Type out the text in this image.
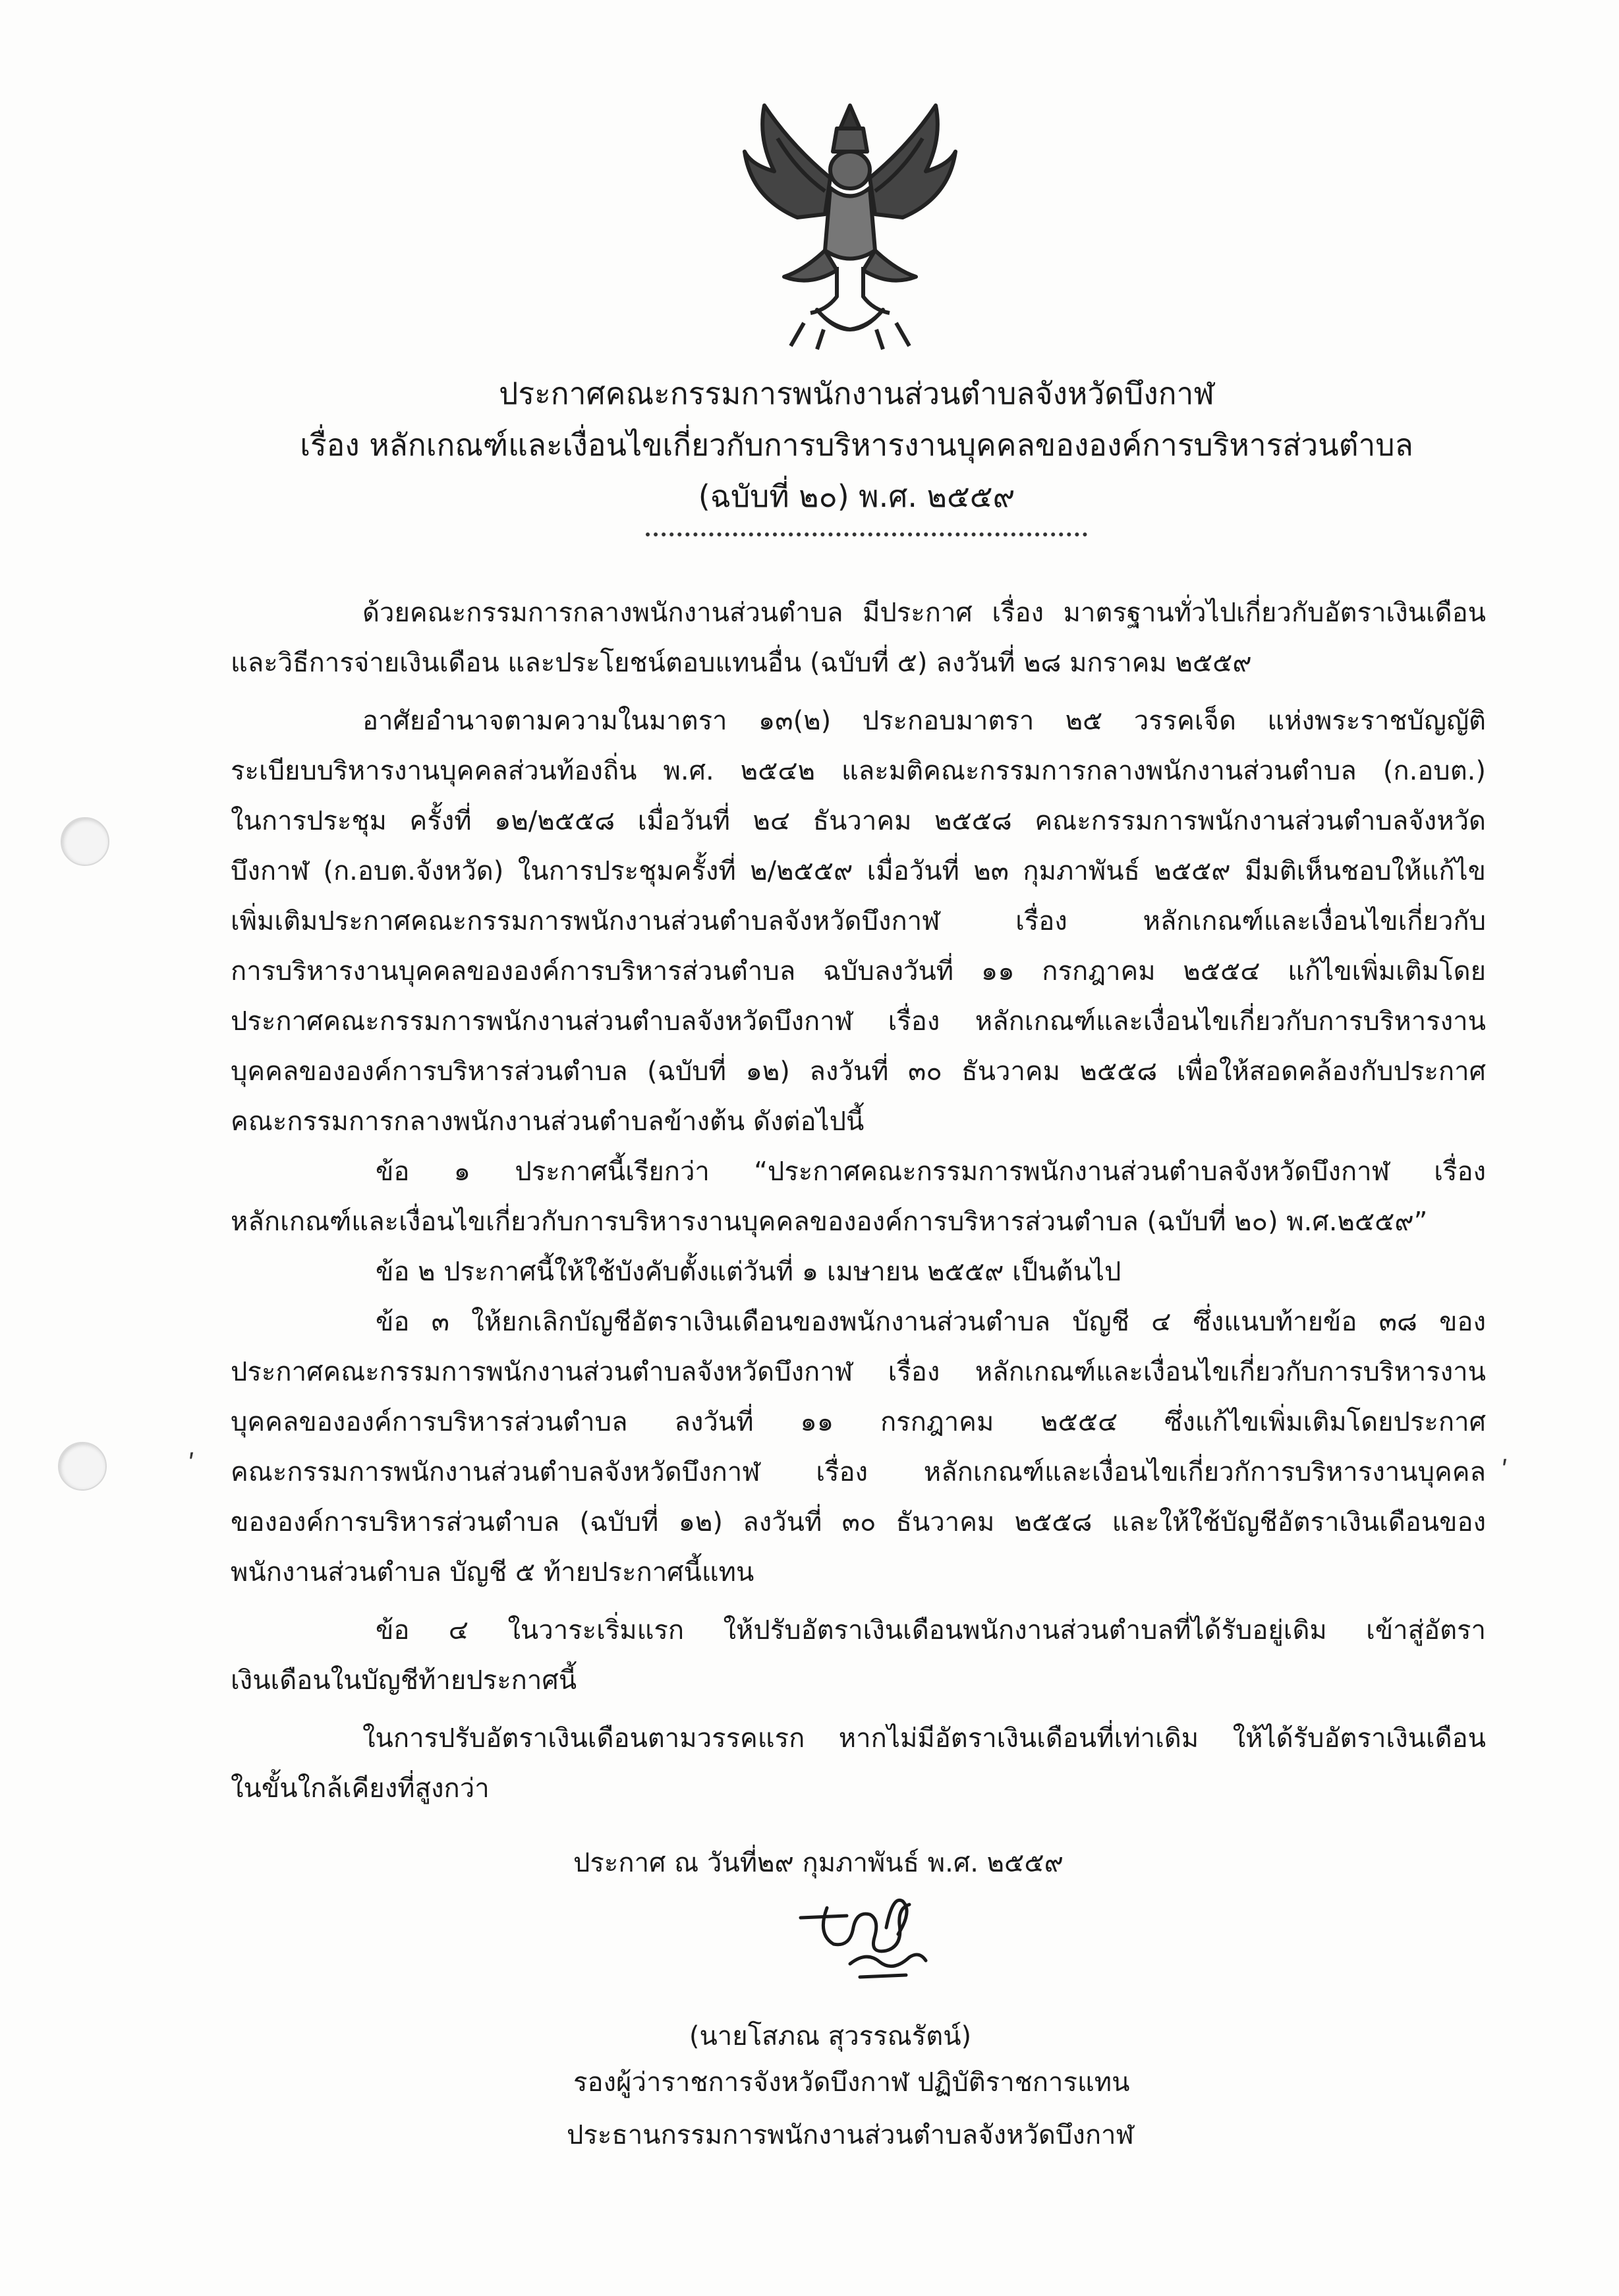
ʹ	ʹ
ประกาศคณะกรรมการพนักงานส่วนตำบลจังหวัดบึงกาฬ
เรื่อง หลักเกณฑ์และเงื่อนไขเกี่ยวกับการบริหารงานบุคคลขององค์การบริหารส่วนตำบล
(ฉบับที่ ๒๐) พ.ศ. ๒๕๕๙

ด้วยคณะกรรมการกลางพนักงานส่วนตำบล มีประกาศ เรื่อง มาตรฐานทั่วไปเกี่ยวกับอัตราเงินเดือน
และวิธีการจ่ายเงินเดือน และประโยชน์ตอบแทนอื่น (ฉบับที่ ๕) ลงวันที่ ๒๘ มกราคม ๒๕๕๙

อาศัยอำนาจตามความในมาตรา ๑๓(๒) ประกอบมาตรา ๒๕ วรรคเจ็ด แห่งพระราชบัญญัติ
ระเบียบบริหารงานบุคคลส่วนท้องถิ่น พ.ศ. ๒๕๔๒ และมติคณะกรรมการกลางพนักงานส่วนตำบล (ก.อบต.)
ในการประชุม ครั้งที่ ๑๒/๒๕๕๘ เมื่อวันที่ ๒๔ ธันวาคม ๒๕๕๘ คณะกรรมการพนักงานส่วนตำบลจังหวัด
บึงกาฬ (ก.อบต.จังหวัด) ในการประชุมครั้งที่ ๒/๒๕๕๙ เมื่อวันที่ ๒๓ กุมภาพันธ์ ๒๕๕๙ มีมติเห็นชอบให้แก้ไข
เพิ่มเติมประกาศคณะกรรมการพนักงานส่วนตำบลจังหวัดบึงกาฬ เรื่อง หลักเกณฑ์และเงื่อนไขเกี่ยวกับ
การบริหารงานบุคคลขององค์การบริหารส่วนตำบล ฉบับลงวันที่ ๑๑ กรกฎาคม ๒๕๕๔ แก้ไขเพิ่มเติมโดย
ประกาศคณะกรรมการพนักงานส่วนตำบลจังหวัดบึงกาฬ เรื่อง หลักเกณฑ์และเงื่อนไขเกี่ยวกับการบริหารงาน
บุคคลขององค์การบริหารส่วนตำบล (ฉบับที่ ๑๒) ลงวันที่ ๓๐ ธันวาคม ๒๕๕๘ เพื่อให้สอดคล้องกับประกาศ
คณะกรรมการกลางพนักงานส่วนตำบลข้างต้น ดังต่อไปนี้

ข้อ ๑ ประกาศนี้เรียกว่า “ประกาศคณะกรรมการพนักงานส่วนตำบลจังหวัดบึงกาฬ เรื่อง
หลักเกณฑ์และเงื่อนไขเกี่ยวกับการบริหารงานบุคคลขององค์การบริหารส่วนตำบล (ฉบับที่ ๒๐) พ.ศ.๒๕๕๙”

ข้อ ๒ ประกาศนี้ให้ใช้บังคับตั้งแต่วันที่ ๑ เมษายน ๒๕๕๙ เป็นต้นไป

ข้อ ๓ ให้ยกเลิกบัญชีอัตราเงินเดือนของพนักงานส่วนตำบล บัญชี ๔ ซึ่งแนบท้ายข้อ ๓๘ ของ
ประกาศคณะกรรมการพนักงานส่วนตำบลจังหวัดบึงกาฬ เรื่อง หลักเกณฑ์และเงื่อนไขเกี่ยวกับการบริหารงาน
บุคคลขององค์การบริหารส่วนตำบล ลงวันที่ ๑๑ กรกฎาคม ๒๕๕๔ ซึ่งแก้ไขเพิ่มเติมโดยประกาศ
คณะกรรมการพนักงานส่วนตำบลจังหวัดบึงกาฬ เรื่อง หลักเกณฑ์และเงื่อนไขเกี่ยวกัการบริหารงานบุคคล
ขององค์การบริหารส่วนตำบล (ฉบับที่ ๑๒) ลงวันที่ ๓๐ ธันวาคม ๒๕๕๘ และให้ใช้บัญชีอัตราเงินเดือนของ
พนักงานส่วนตำบล บัญชี ๕ ท้ายประกาศนี้แทน

ข้อ ๔ ในวาระเริ่มแรก ให้ปรับอัตราเงินเดือนพนักงานส่วนตำบลที่ได้รับอยู่เดิม เข้าสู่อัตรา
เงินเดือนในบัญชีท้ายประกาศนี้

ในการปรับอัตราเงินเดือนตามวรรคแรก หากไม่มีอัตราเงินเดือนที่เท่าเดิม ให้ได้รับอัตราเงินเดือน
ในขั้นใกล้เคียงที่สูงกว่า

ประกาศ ณ วันที่๒๙ กุมภาพันธ์ พ.ศ. ๒๕๕๙
(นายโสภณ สุวรรณรัตน์)
รองผู้ว่าราชการจังหวัดบึงกาฬ ปฏิบัติราชการแทน
ประธานกรรมการพนักงานส่วนตำบลจังหวัดบึงกาฬ
